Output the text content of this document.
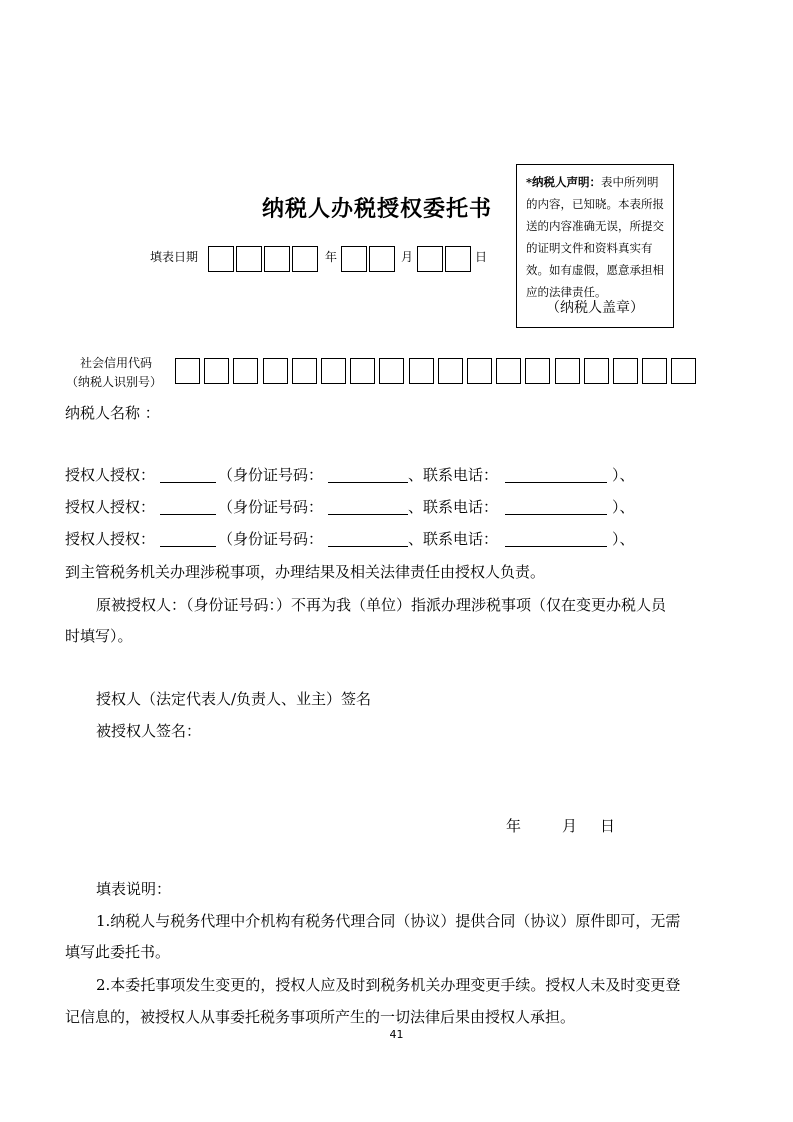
*纳税人声明：表中所列明的内容，已知晓。本表所报送的内容准确无误，所提交的证明文件和资料真实有效。如有虚假，愿意承担相应的法律责任。
（纳税人盖章）
纳税人办税授权委托书
填表日期	年	月	日
社会信用代码
（纳税人识别号）
纳税人名称 ：
授权人授权：	（身份证号码：	、联系电话：	）、
授权人授权：	（身份证号码：	、联系电话：	）、
授权人授权：	（身份证号码：	、联系电话：	）、
到主管税务机关办理涉税事项，办理结果及相关法律责任由授权人负责。
原被授权人：（身份证号码：）不再为我（单位）指派办理涉税事项（仅在变更办税人员
时填写）。
授权人（法定代表人/负责人、业主）签名
被授权人签名：
年	月 日
填表说明：
1.纳税人与税务代理中介机构有税务代理合同（协议）提供合同（协议）原件即可，无需
填写此委托书。
2.本委托事项发生变更的，授权人应及时到税务机关办理变更手续。授权人未及时变更登
记信息的，被授权人从事委托税务事项所产生的一切法律后果由授权人承担。
41
